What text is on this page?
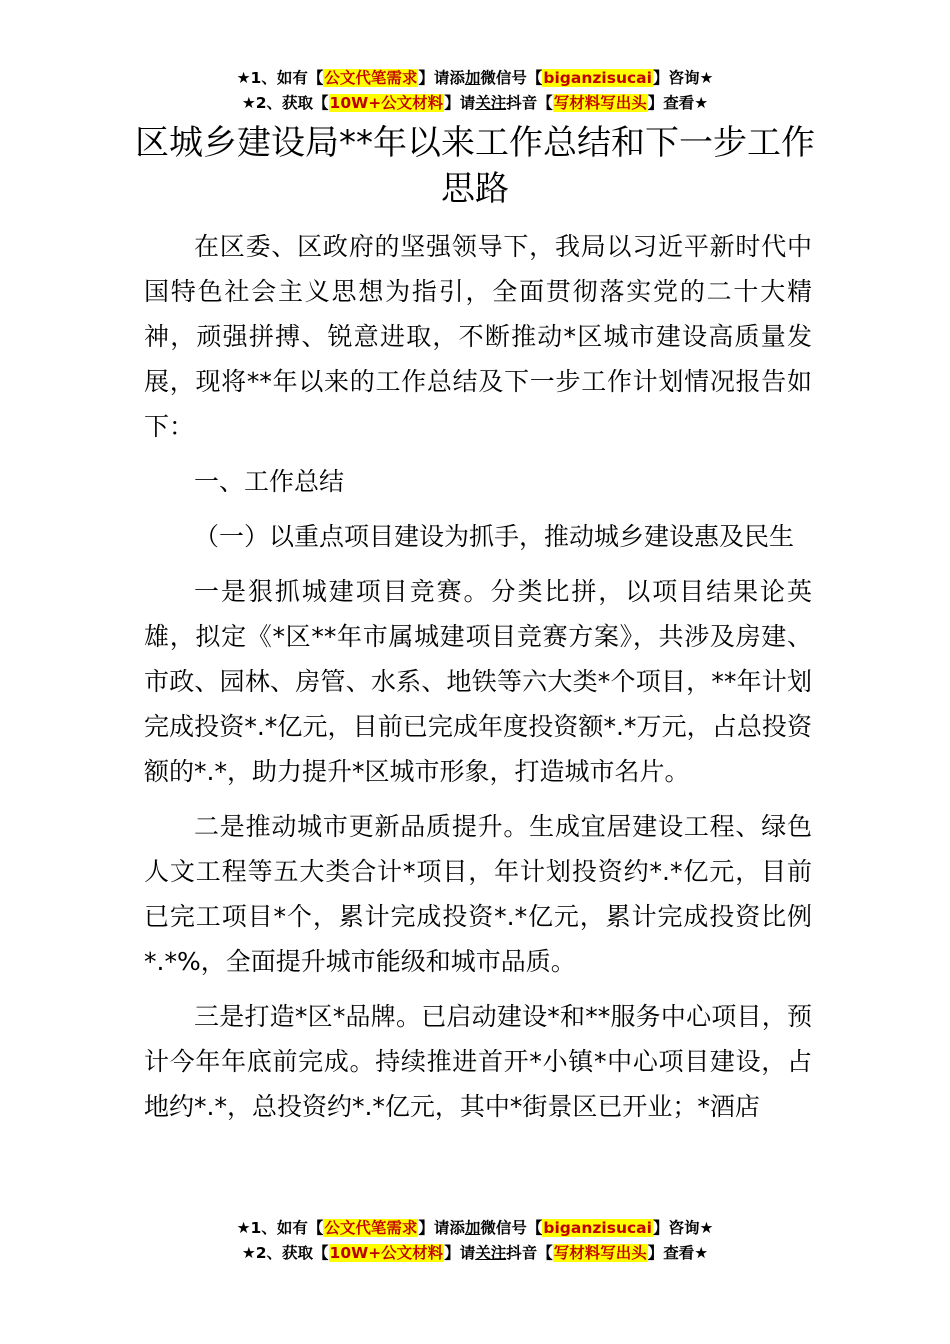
★1、如有【公文代笔需求】请添加微信号【biganzisucai】咨询★
★2、获取【10W+公文材料】请关注抖音【写材料写出头】查看★
区城乡建设局**年以来工作总结和下一步工作思路

在区委、区政府的坚强领导下，我局以习近平新时代中国特色社会主义思想为指引，全面贯彻落实党的二十大精神，顽强拼搏、锐意进取，不断推动*区城市建设高质量发展，现将**年以来的工作总结及下一步工作计划情况报告如下：

一、工作总结

（一）以重点项目建设为抓手，推动城乡建设惠及民生

一是狠抓城建项目竞赛。分类比拼，以项目结果论英雄，拟定《*区**年市属城建项目竞赛方案》，共涉及房建、市政、园林、房管、水系、地铁等六大类*个项目，**年计划完成投资*.*亿元，目前已完成年度投资额*.*万元，占总投资额的*.*，助力提升*区城市形象，打造城市名片。

二是推动城市更新品质提升。生成宜居建设工程、绿色人文工程等五大类合计*项目，年计划投资约*.*亿元，目前已完工项目*个，累计完成投资*.*亿元，累计完成投资比例*.*%，全面提升城市能级和城市品质。

三是打造*区*品牌。已启动建设*和**服务中心项目，预计今年年底前完成。持续推进首开*小镇*中心项目建设，占地约*.*，总投资约*.*亿元，其中*街景区已开业；*酒店

★1、如有【公文代笔需求】请添加微信号【biganzisucai】咨询★
★2、获取【10W+公文材料】请关注抖音【写材料写出头】查看★
